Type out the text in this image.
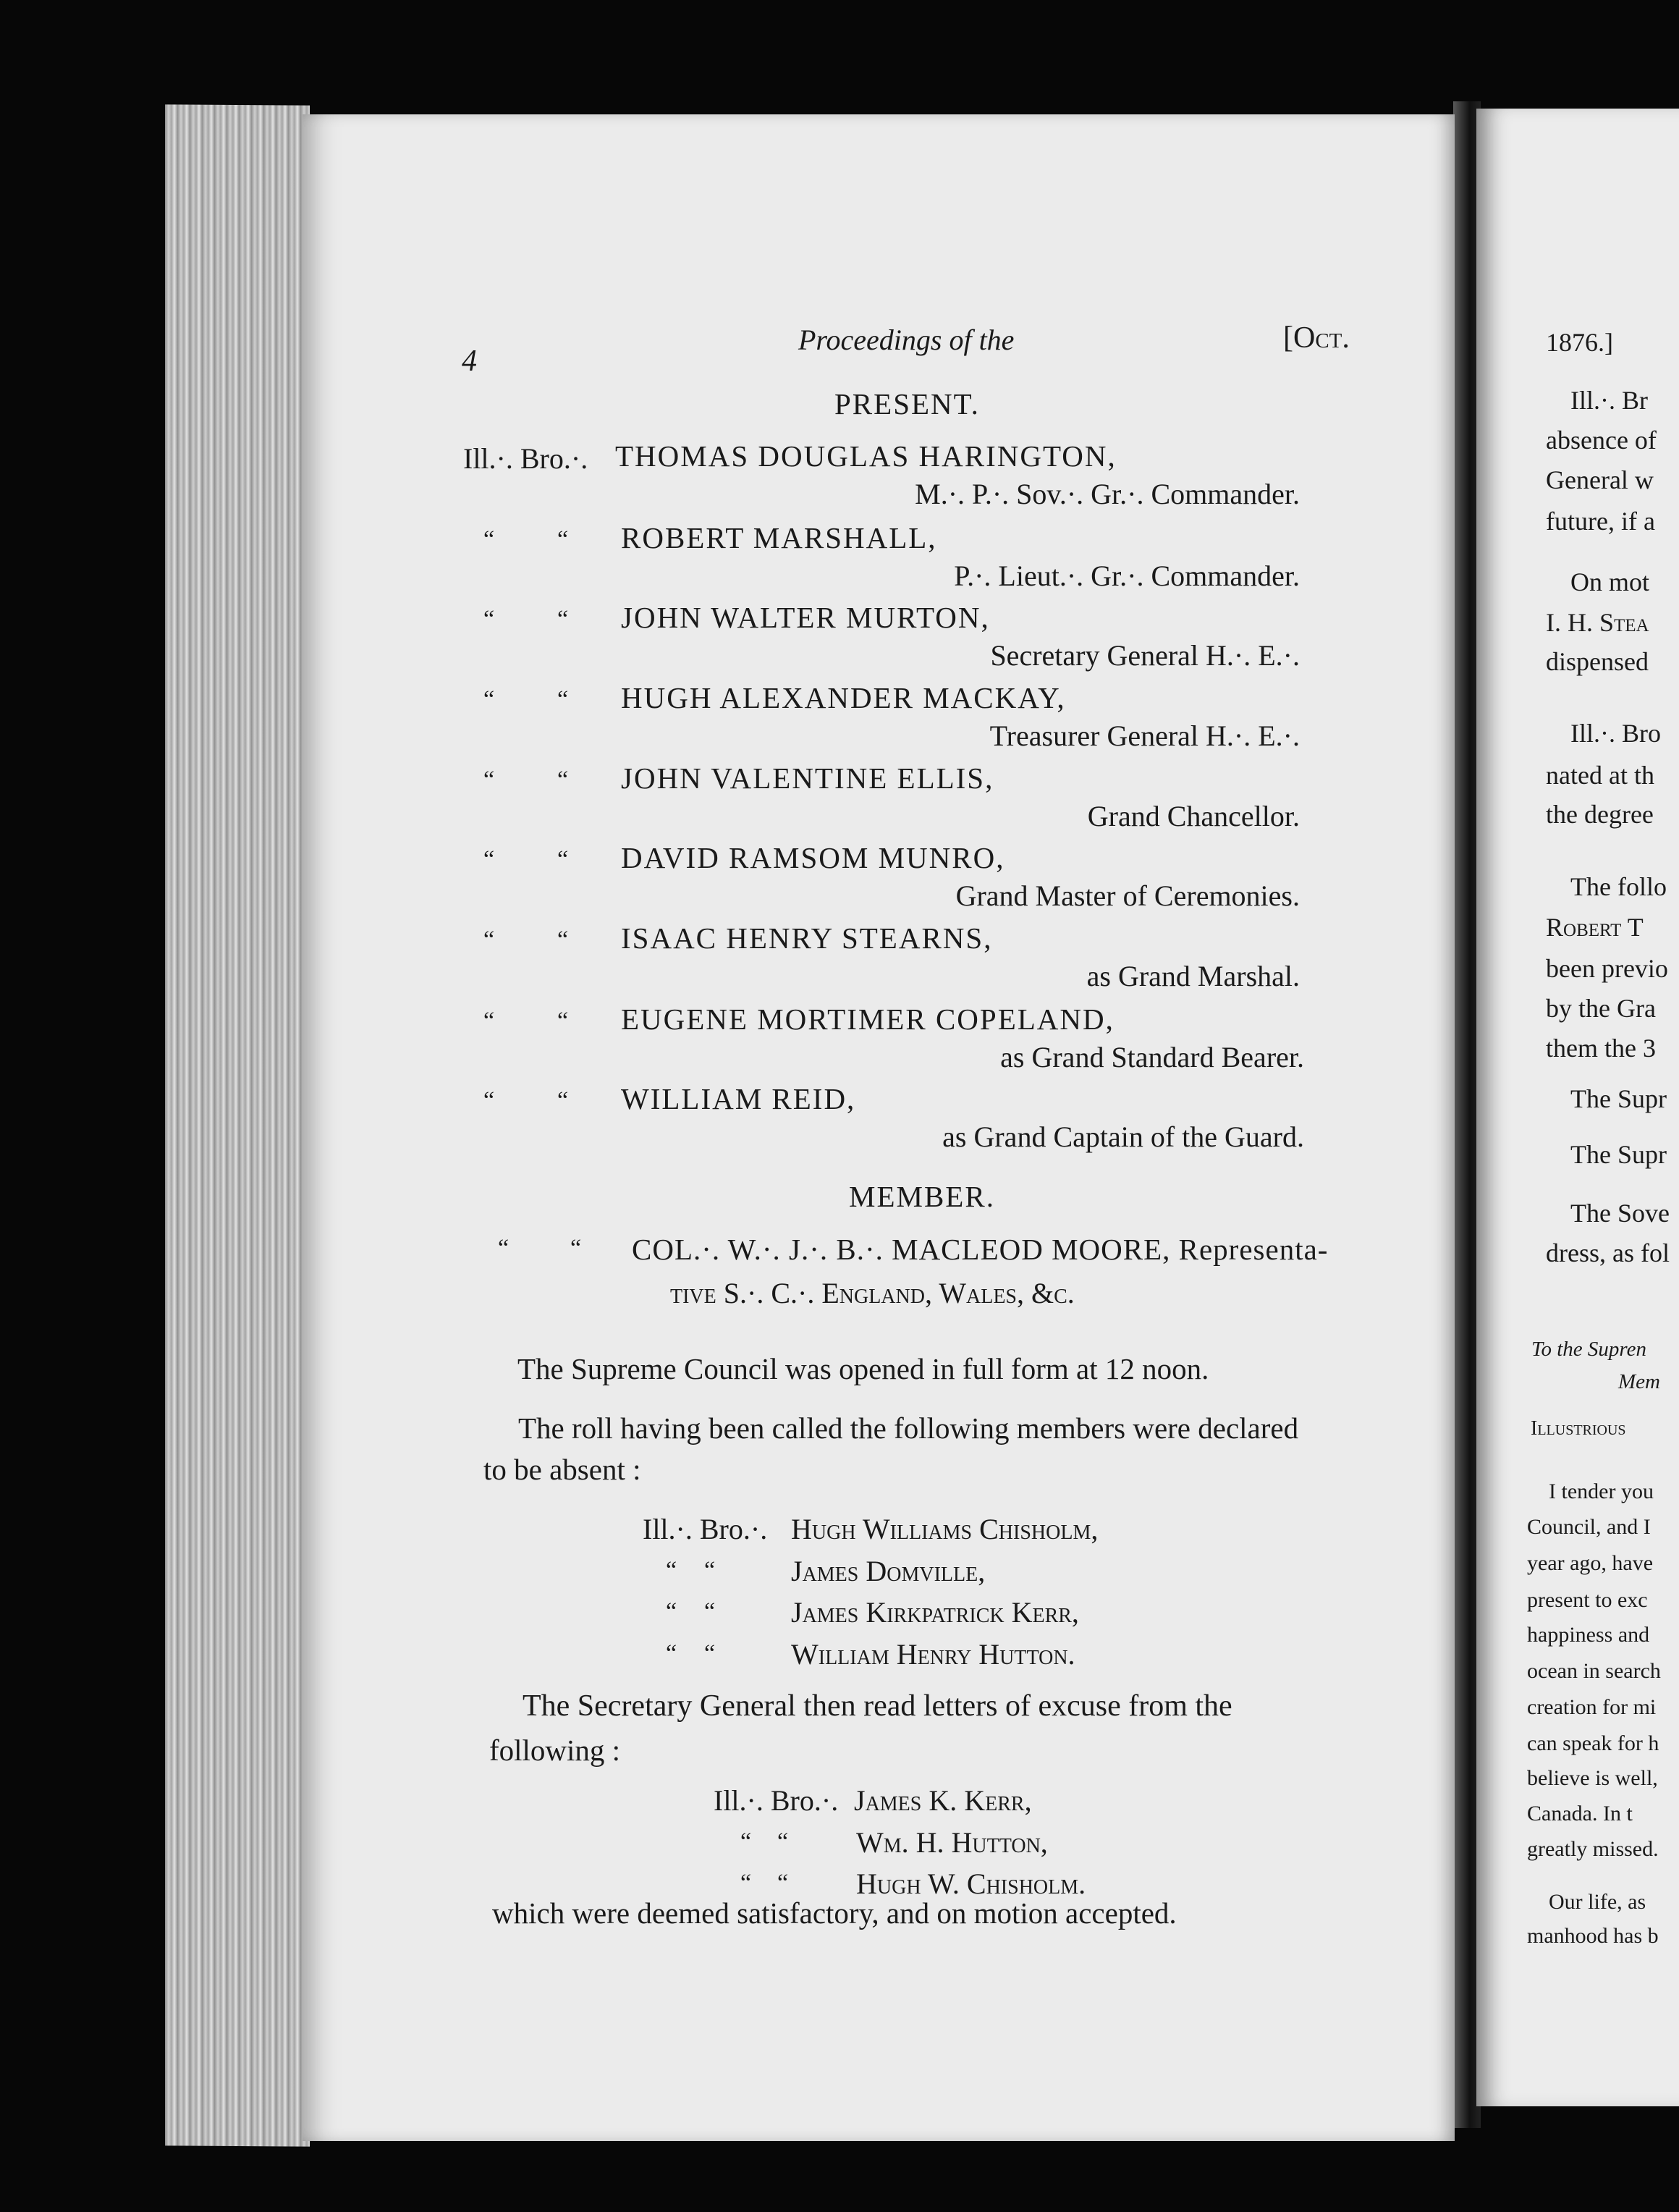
4
Proceedings of the	[Oct.
PRESENT.
Ill.·. Bro.·. THOMAS DOUGLAS HARINGTON,
M.·. P.·. Sov.·. Gr.·. Commander.
“	“ ROBERT MARSHALL,
P.·. Lieut.·. Gr.·. Commander.
“	“ JOHN WALTER MURTON,
Secretary General H.·. E.·.
“	“ HUGH ALEXANDER MACKAY,
Treasurer General H.·. E.·.
“	“ JOHN VALENTINE ELLIS,
Grand Chancellor.
“	“ DAVID RAMSOM MUNRO,
Grand Master of Ceremonies.
“	“ ISAAC HENRY STEARNS,
as Grand Marshal.
“	“ EUGENE MORTIMER COPELAND,
as Grand Standard Bearer.
“	“ WILLIAM REID,
as Grand Captain of the Guard.
MEMBER.
“ “ COL.·. W.·. J.·. B.·. MACLEOD MOORE, Representa-
tive S.·. C.·. England, Wales, &c.
The Supreme Council was opened in full form at 12 noon.
The roll having been called the following members were declared
to be absent :
Ill.·. Bro.·. Hugh Williams Chisholm,
“ “	James Domville,
“ “	James Kirkpatrick Kerr,
“ “	William Henry Hutton.
The Secretary General then read letters of excuse from the
following :
Ill.·. Bro.·. James K. Kerr,
“ “ Wm. H. Hutton,
“ “ Hugh W. Chisholm.
which were deemed satisfactory, and on motion accepted.
1876.]
Ill.·. Br
absence of
General w
future, if a
On mot
I. H. Stea
dispensed
Ill.·. Bro
nated at th
the degree
The follo
Robert T
been previo
by the Gra
them the 3
The Supr
The Supr
The Sove
dress, as fol
To the Supren
Mem
Illustrious
I tender you
Council, and I
year ago, have
present to exc
happiness and
ocean in search
creation for mi
can speak for h
believe is well,
Canada. In t
greatly missed.
Our life, as
manhood has b
